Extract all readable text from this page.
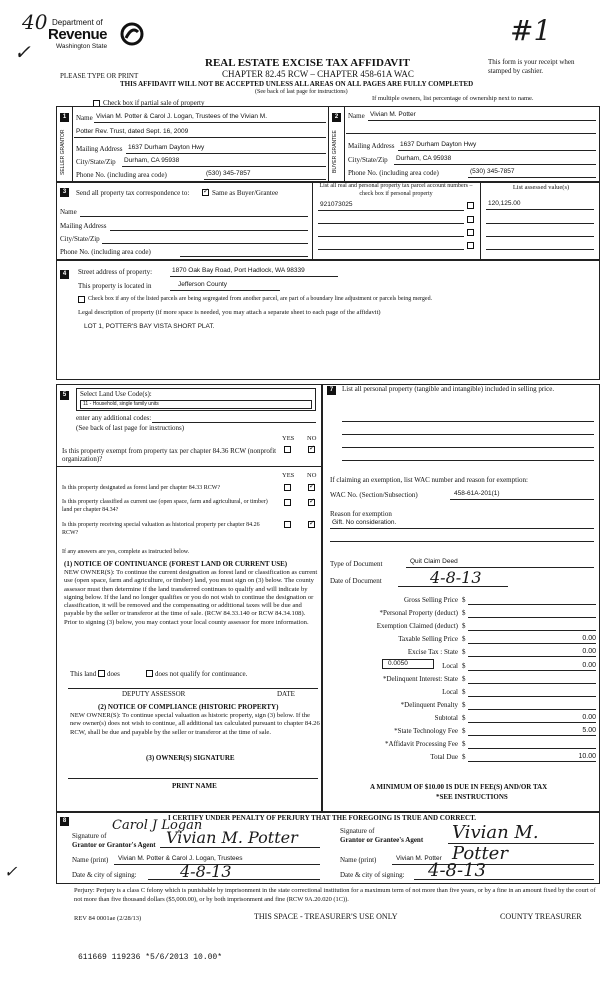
40
✓
Department of
Revenue
Washington State	#1
REAL ESTATE EXCISE TAX AFFIDAVIT
CHAPTER 82.45 RCW – CHAPTER 458-61A WAC
PLEASE TYPE OR PRINT
This form is your receipt when stamped by cashier.
THIS AFFIDAVIT WILL NOT BE ACCEPTED UNLESS ALL AREAS ON ALL PAGES ARE FULLY COMPLETED
(See back of last page for instructions)
Check box if partial sale of property
If multiple owners, list percentage of ownership next to name.
1
SELLER GRANTOR
Name Vivian M. Potter & Carol J. Logan, Trustees of the Vivian M.
Potter Rev. Trust, dated Sept. 16, 2009
Mailing Address 1637 Durham Dayton Hwy
City/State/Zip Durham, CA 95938
Phone No. (including area code)	(530) 345-7857
2
BUYER GRANTEE
Name Vivian M. Potter
Mailing Address 1637 Durham Dayton Hwy
City/State/Zip Durham, CA 95938
Phone No. (including area code)	(530) 345-7857
3	Send all property tax correspondence to: ✓	Same as Buyer/Grantee
Name
Mailing Address
City/State/Zip
Phone No. (including area code)
List all real and personal property tax parcel account numbers – check box if personal property
List assessed value(s)
921073025	120,125.00
4	Street address of property:	1870 Oak Bay Road, Port Hadlock, WA 98339
This property is located in	Jefferson County
Check box if any of the listed parcels are being segregated from another parcel, are part of a boundary line adjustment or parcels being merged.
Legal description of property (if more space is needed, you may attach a separate sheet to each page of the affidavit)
LOT 1, POTTER'S BAY VISTA SHORT PLAT.
5	Select Land Use Code(s):
11 - Household, single family units
enter any additional codes:
(See back of last page for instructions)
YES NO
Is this property exempt from property tax per chapter 84.36 RCW (nonprofit organization)?
✓
YES NO
Is this property designated as forest land per chapter 84.33 RCW?
✓
Is this property classified as current use (open space, farm and agricultural, or timber) land per chapter 84.34?
✓
Is this property receiving special valuation as historical property per chapter 84.26 RCW?
✓
If any answers are yes, complete as instructed below.
(1) NOTICE OF CONTINUANCE (FOREST LAND OR CURRENT USE)
NEW OWNER(S): To continue the current designation as forest land or classification as current use (open space, farm and agriculture, or timber) land, you must sign on (3) below. The county assessor must then determine if the land transferred continues to qualify and will indicate by signing below. If the land no longer qualifies or you do not wish to continue the designation or classification, it will be removed and the compensating or additional taxes will be due and payable by the seller or transferor at the time of sale. (RCW 84.33.140 or RCW 84.34.108). Prior to signing (3) below, you may contact your local county assessor for more information.
This land does	does not qualify for continuance.
DEPUTY ASSESSOR	DATE
(2) NOTICE OF COMPLIANCE (HISTORIC PROPERTY)
NEW OWNER(S): To continue special valuation as historic property, sign (3) below. If the new owner(s) does not wish to continue, all additional tax calculated pursuant to chapter 84.26 RCW, shall be due and payable by the seller or transferor at the time of sale.
(3) OWNER(S) SIGNATURE
PRINT NAME
7	List all personal property (tangible and intangible) included in selling price.
If claiming an exemption, list WAC number and reason for exemption:
WAC No. (Section/Subsection)	458-61A-201(1)
Reason for exemption
Gift. No consideration.
Type of Document	Quit Claim Deed
Date of Document	4-8-13
Gross Selling Price $
*Personal Property (deduct) $
Exemption Claimed (deduct) $
Taxable Selling Price $	0.00
Excise Tax : State $	0.00
Local $	0.00
*Delinquent Interest: State $
Local $
*Delinquent Penalty $
Subtotal $	0.00
*State Technology Fee $	5.00
*Affidavit Processing Fee $
Total Due $	10.00
0.0050
A MINIMUM OF $10.00 IS DUE IN FEE(S) AND/OR TAX
*SEE INSTRUCTIONS
8	I CERTIFY UNDER PENALTY OF PERJURY THAT THE FOREGOING IS TRUE AND CORRECT.
Signature of
Grantor or Grantor's Agent
Carol J Logan
Vivian M. Potter
Name (print) Vivian M. Potter & Carol J. Logan, Trustees
Date & city of signing:	4-8-13
Signature of
Grantor or Grantee's Agent Vivian M. Potter
Name (print)	Vivian M. Potter
Date & city of signing: 4-8-13
Perjury: Perjury is a class C felony which is punishable by imprisonment in the state correctional institution for a maximum term of not more than five years, or by a fine in an amount fixed by the court of not more than five thousand dollars ($5,000.00), or by both imprisonment and fine (RCW 9A.20.020 (1C)).
REV 84 0001ae (2/28/13)	THIS SPACE - TREASURER'S USE ONLY	COUNTY TREASURER
611669 119236 *5/6/2013 10.00*
✓
